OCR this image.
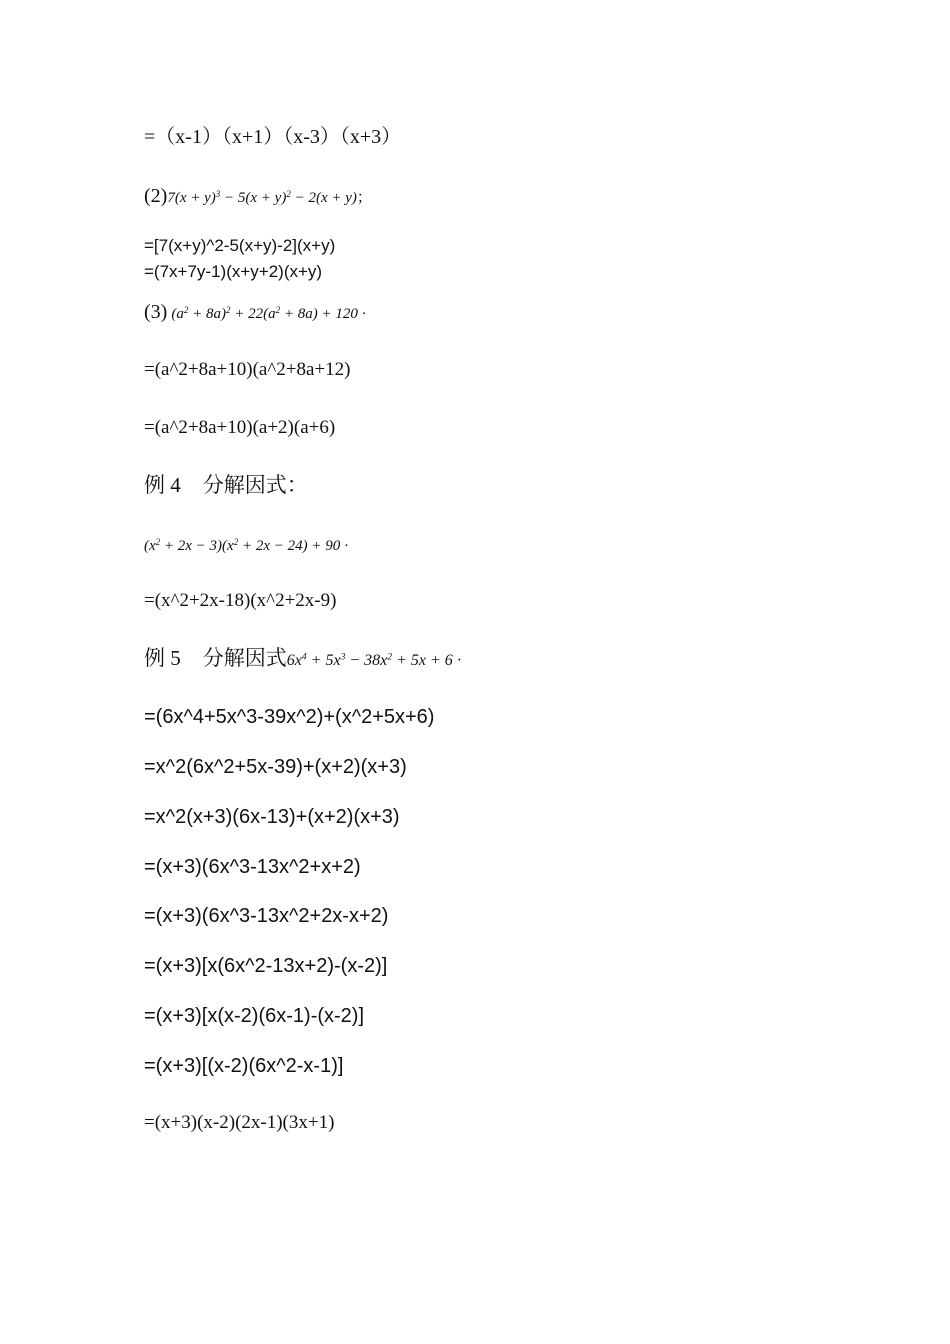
=（x-1）（x+1）（x-3）（x+3）
$(2)7(x + y)^3 - 5(x + y)^2 - 2(x + y)$；
=[7(x+y)^2-5(x+y)-2](x+y)
=(7x+7y-1)(x+y+2)(x+y)
(3) $(a^2 + 8a)^2 + 22(a^2 + 8a) + 120$ ·
=(a^2+8a+10)(a^2+8a+12)
=(a^2+8a+10)(a+2)(a+6)
例 4 分解因式：
$(x^2 + 2x - 3)(x^2 + 2x - 24) + 90$ ·
=(x^2+2x-18)(x^2+2x-9)
例 5 分解因式$6x^4 + 5x^3 - 38x^2 + 5x + 6$ ·
=(6x^4+5x^3-39x^2)+(x^2+5x+6)
=x^2(6x^2+5x-39)+(x+2)(x+3)
=x^2(x+3)(6x-13)+(x+2)(x+3)
=(x+3)(6x^3-13x^2+x+2)
=(x+3)(6x^3-13x^2+2x-x+2)
=(x+3)[x(6x^2-13x+2)-(x-2)]
=(x+3)[x(x-2)(6x-1)-(x-2)]
=(x+3)[(x-2)(6x^2-x-1)]
=(x+3)(x-2)(2x-1)(3x+1)
